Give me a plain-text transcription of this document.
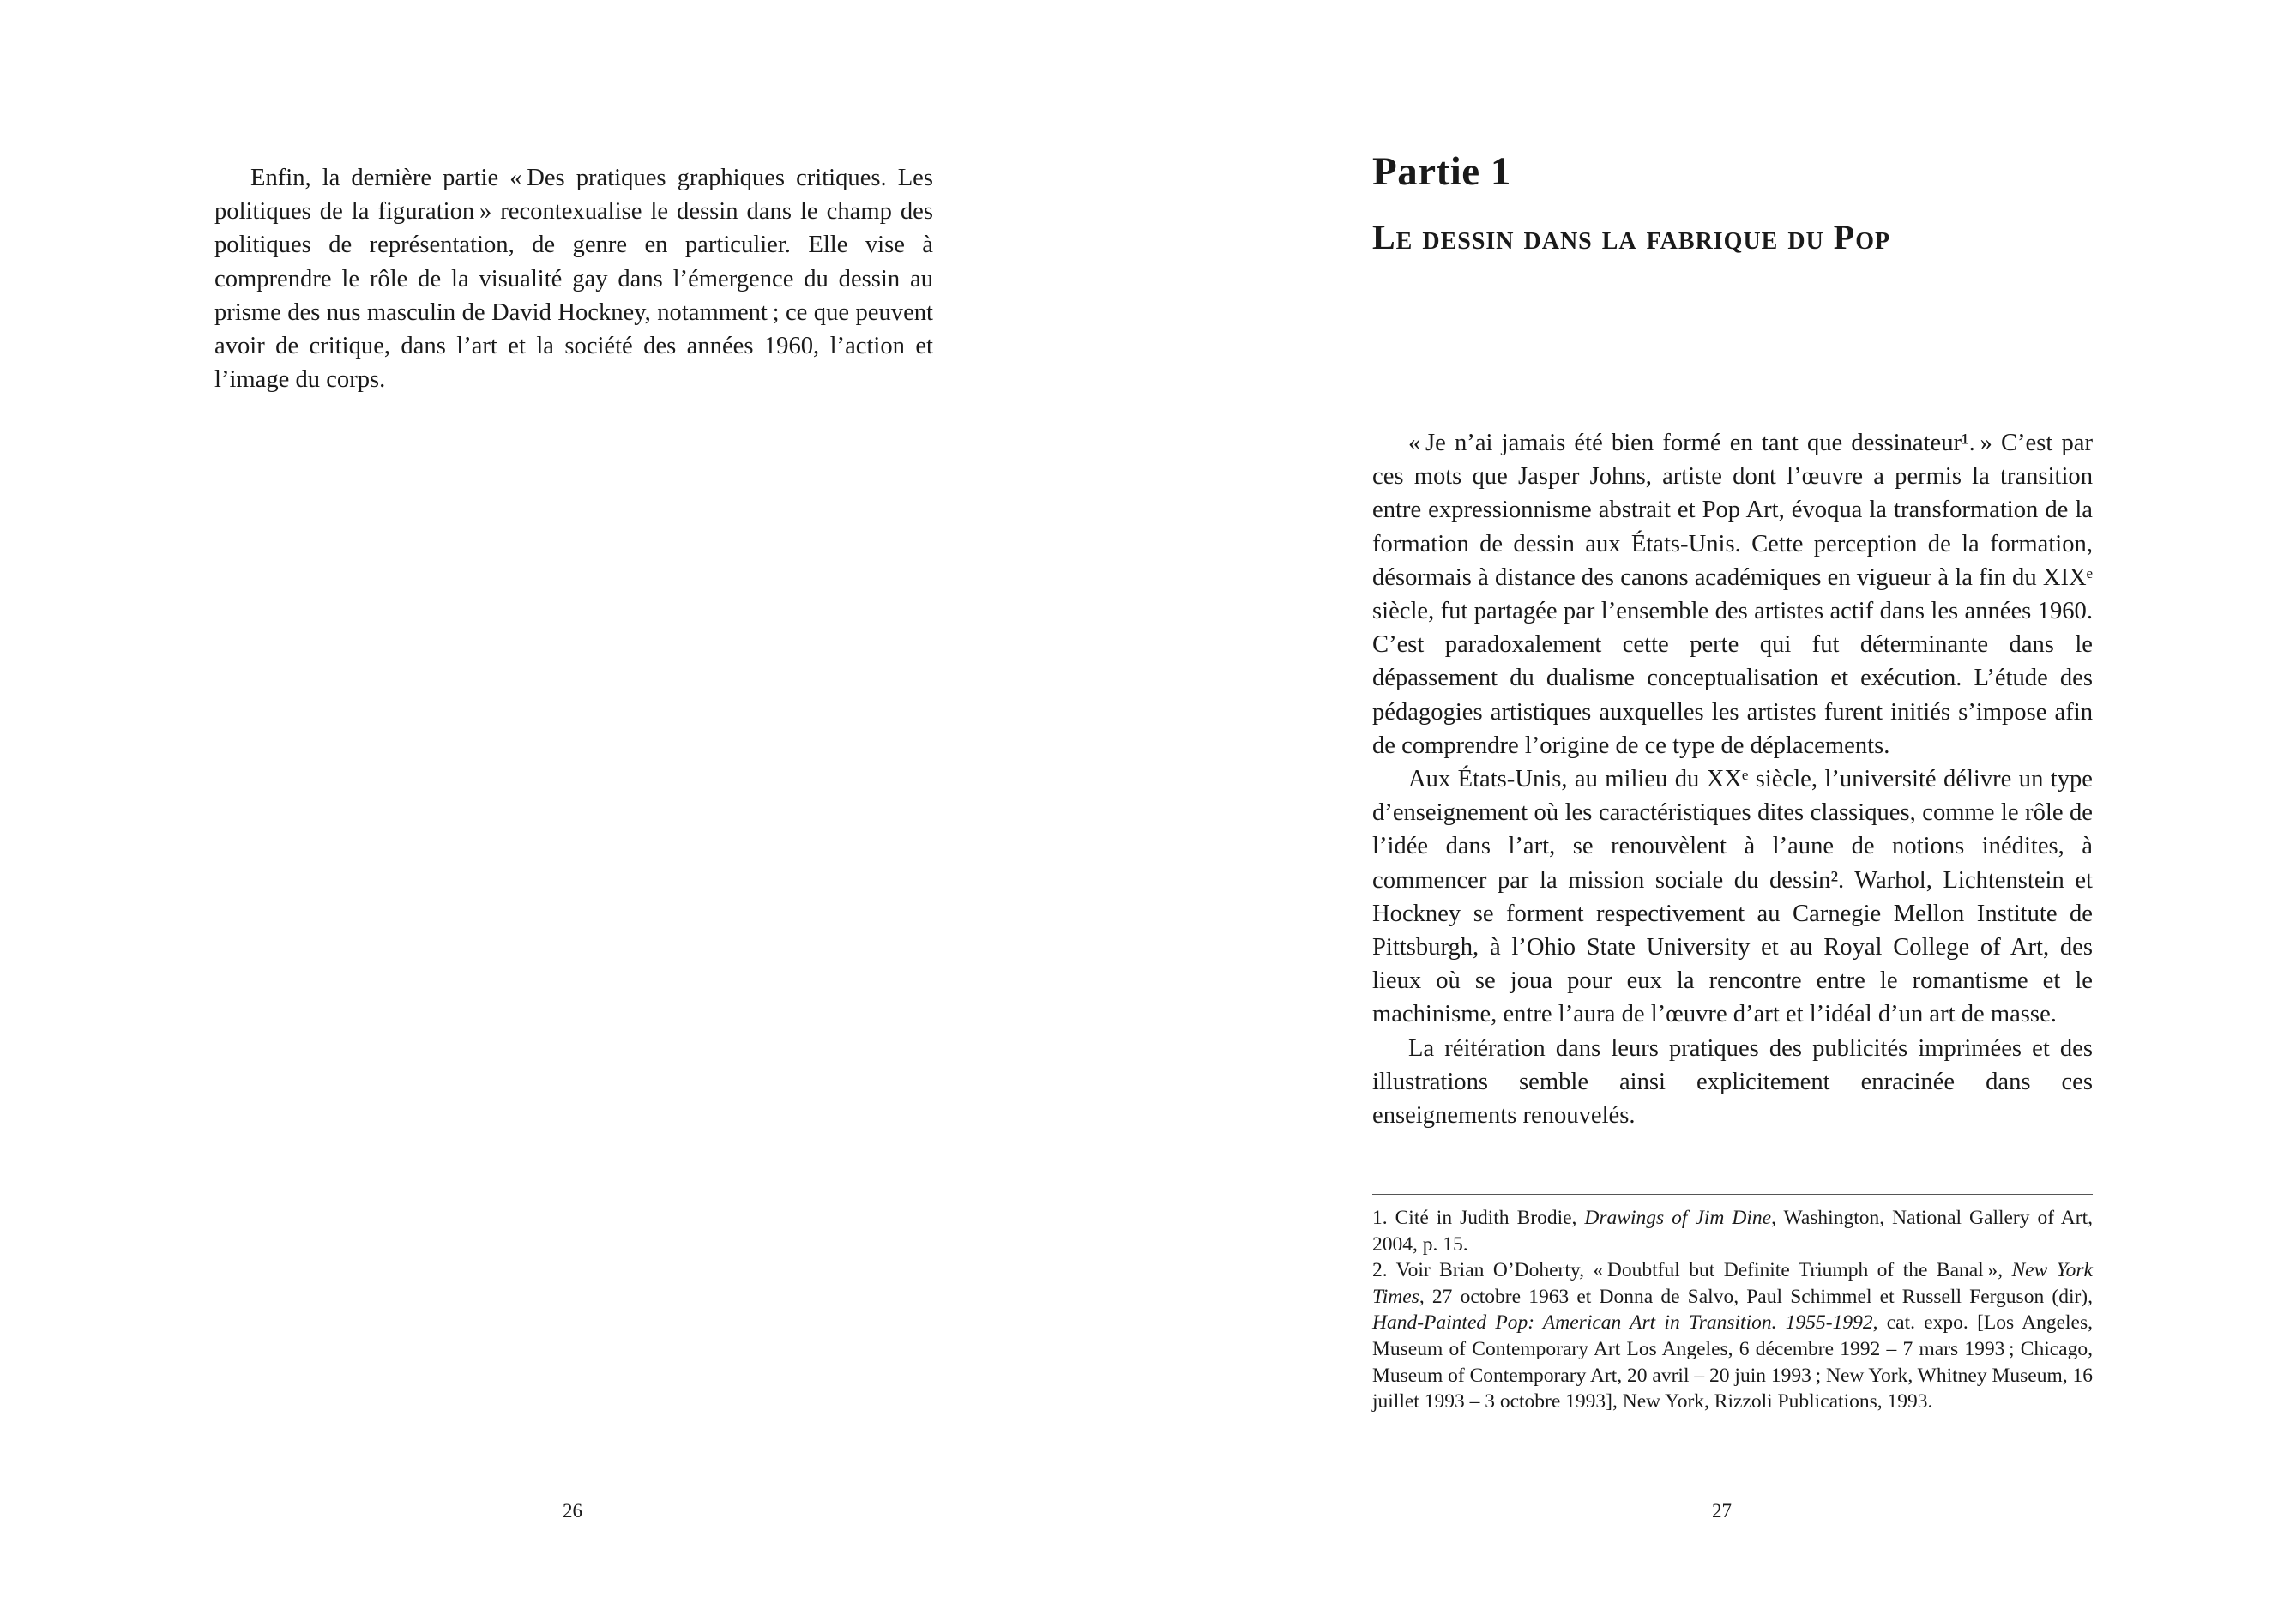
Enfin, la dernière partie « Des pratiques graphiques critiques. Les politiques de la figuration » recontexualise le dessin dans le champ des politiques de représentation, de genre en particulier. Elle vise à comprendre le rôle de la visualité gay dans l’émergence du dessin au prisme des nus masculin de David Hockney, notamment ; ce que peuvent avoir de critique, dans l’art et la société des années 1960, l’action et l’image du corps.

26
Partie 1
Le dessin dans la fabrique du Pop

« Je n’ai jamais été bien formé en tant que dessinateur¹. » C’est par ces mots que Jasper Johns, artiste dont l’œuvre a permis la transition entre expressionnisme abstrait et Pop Art, évoqua la transformation de la formation de dessin aux États-Unis. Cette perception de la formation, désormais à distance des canons académiques en vigueur à la fin du XIXᵉ siècle, fut partagée par l’ensemble des artistes actif dans les années 1960. C’est paradoxalement cette perte qui fut déterminante dans le dépassement du dualisme conceptualisation et exécution. L’étude des pédagogies artistiques auxquelles les artistes furent initiés s’impose afin de comprendre l’origine de ce type de déplacements.

Aux États-Unis, au milieu du XXᵉ siècle, l’université délivre un type d’enseignement où les caractéristiques dites classiques, comme le rôle de l’idée dans l’art, se renouvèlent à l’aune de notions inédites, à commencer par la mission sociale du dessin². Warhol, Lichtenstein et Hockney se forment respectivement au Carnegie Mellon Institute de Pittsburgh, à l’Ohio State University et au Royal College of Art, des lieux où se joua pour eux la rencontre entre le romantisme et le machinisme, entre l’aura de l’œuvre d’art et l’idéal d’un art de masse.

La réitération dans leurs pratiques des publicités imprimées et des illustrations semble ainsi explicitement enracinée dans ces enseignements renouvelés.

1. Cité in Judith Brodie, Drawings of Jim Dine, Washington, National Gallery of Art, 2004, p. 15.

2. Voir Brian O’Doherty, « Doubtful but Definite Triumph of the Banal », New York Times, 27 octobre 1963 et Donna de Salvo, Paul Schimmel et Russell Ferguson (dir), Hand-Painted Pop: American Art in Transition. 1955-1992, cat. expo. [Los Angeles, Museum of Contemporary Art Los Angeles, 6 décembre 1992 – 7 mars 1993 ; Chicago, Museum of Contemporary Art, 20 avril – 20 juin 1993 ; New York, Whitney Museum, 16 juillet 1993 – 3 octobre 1993], New York, Rizzoli Publications, 1993.

27
